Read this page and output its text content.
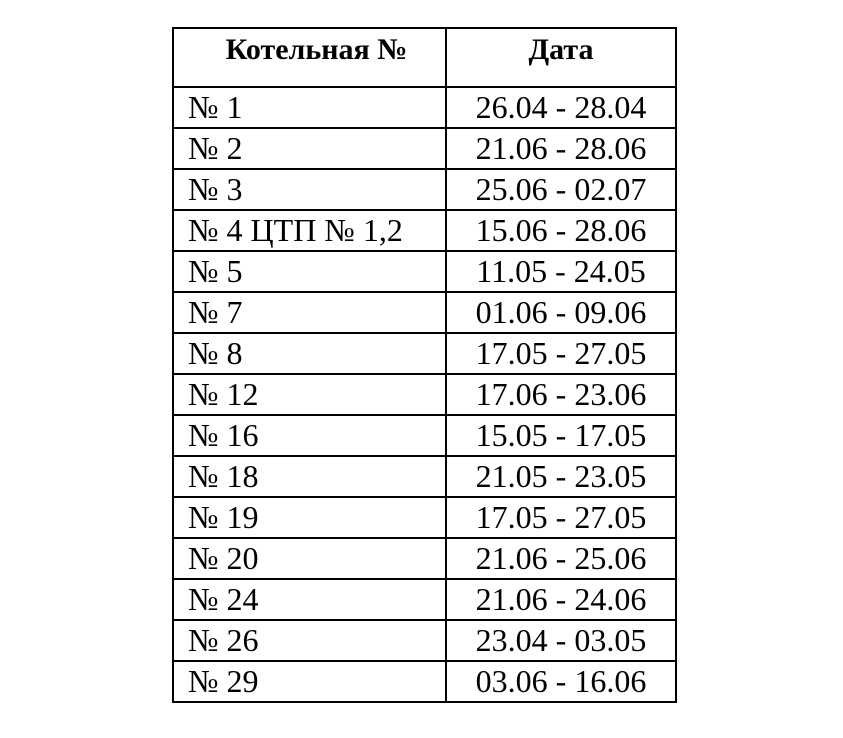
Котельная №	Дата
№ 1	26.04 - 28.04
№ 2	21.06 - 28.06
№ 3	25.06 - 02.07
№ 4 ЦТП № 1,2	15.06 - 28.06
№ 5	11.05 - 24.05
№ 7	01.06 - 09.06
№ 8	17.05 - 27.05
№ 12	17.06 - 23.06
№ 16	15.05 - 17.05
№ 18	21.05 - 23.05
№ 19	17.05 - 27.05
№ 20	21.06 - 25.06
№ 24	21.06 - 24.06
№ 26	23.04 - 03.05
№ 29	03.06 - 16.06
